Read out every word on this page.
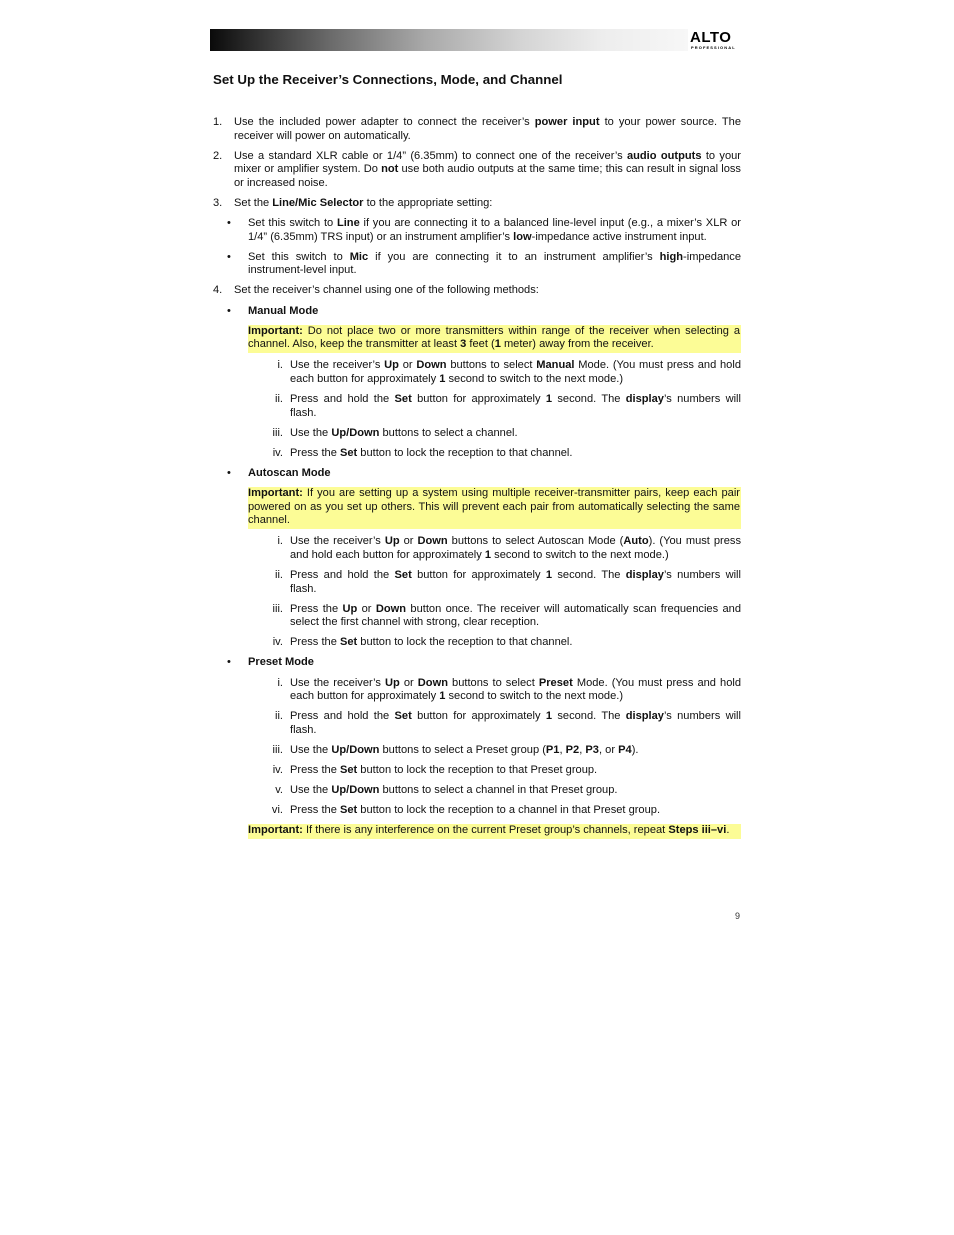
ALTO
PROFESSIONAL
Set Up the Receiver’s Connections, Mode, and Channel
1. Use the included power adapter to connect the receiver’s power input to your power source. The receiver will power on automatically.
2. Use a standard XLR cable or 1/4” (6.35mm) to connect one of the receiver’s audio outputs to your mixer or amplifier system. Do not use both audio outputs at the same time; this can result in signal loss or increased noise.
3. Set the Line/Mic Selector to the appropriate setting:
• Set this switch to Line if you are connecting it to a balanced line-level input (e.g., a mixer’s XLR or 1/4” (6.35mm) TRS input) or an instrument amplifier’s low-impedance active instrument input.
• Set this switch to Mic if you are connecting it to an instrument amplifier’s high-impedance instrument-level input.
4. Set the receiver’s channel using one of the following methods:
• Manual Mode
Important: Do not place two or more transmitters within range of the receiver when selecting a channel. Also, keep the transmitter at least 3 feet (1 meter) away from the receiver.
i. Use the receiver’s Up or Down buttons to select Manual Mode. (You must press and hold each button for approximately 1 second to switch to the next mode.)
ii. Press and hold the Set button for approximately 1 second. The display’s numbers will flash.
iii. Use the Up/Down buttons to select a channel.
iv. Press the Set button to lock the reception to that channel.
• Autoscan Mode
Important: If you are setting up a system using multiple receiver-transmitter pairs, keep each pair powered on as you set up others. This will prevent each pair from automatically selecting the same channel.
i. Use the receiver’s Up or Down buttons to select Autoscan Mode (Auto). (You must press and hold each button for approximately 1 second to switch to the next mode.)
ii. Press and hold the Set button for approximately 1 second. The display’s numbers will flash.
iii. Press the Up or Down button once. The receiver will automatically scan frequencies and select the first channel with strong, clear reception.
iv. Press the Set button to lock the reception to that channel.
• Preset Mode
i. Use the receiver’s Up or Down buttons to select Preset Mode. (You must press and hold each button for approximately 1 second to switch to the next mode.)
ii. Press and hold the Set button for approximately 1 second. The display’s numbers will flash.
iii. Use the Up/Down buttons to select a Preset group (P1, P2, P3, or P4).
iv. Press the Set button to lock the reception to that Preset group.
v. Use the Up/Down buttons to select a channel in that Preset group.
vi. Press the Set button to lock the reception to a channel in that Preset group.
Important: If there is any interference on the current Preset group’s channels, repeat Steps iii–vi.
9
